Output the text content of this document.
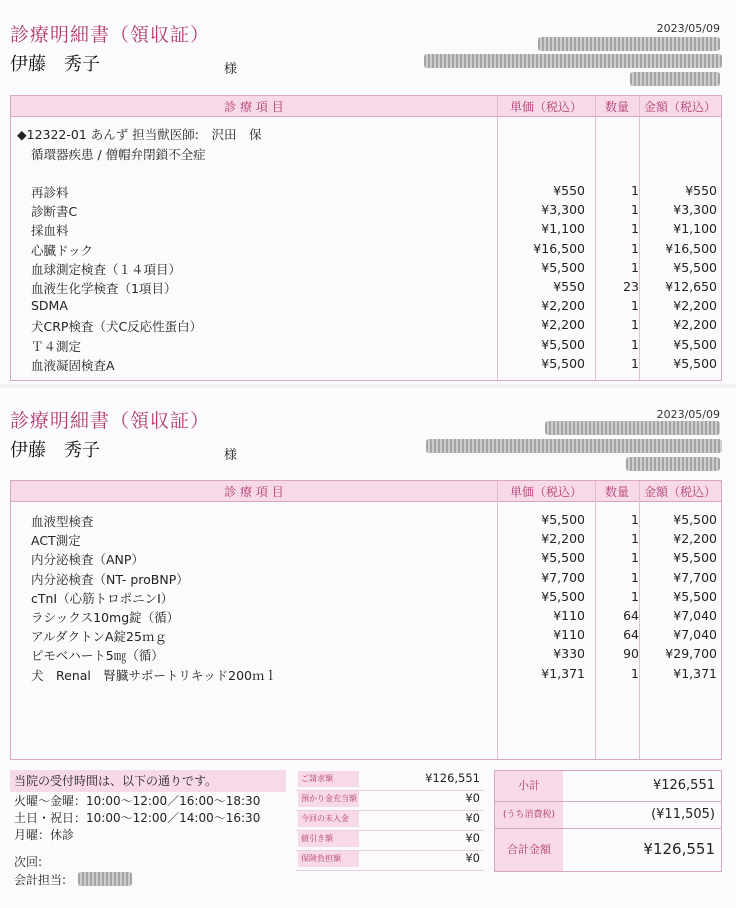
診療明細書（領収証）	2023/05/09
伊藤　秀子	様
診 療 項 目	単価（税込）	数量	金額（税込）
◆12322-01 あんず 担当獣医師:　沢田　保
循環器疾患 / 僧帽弁閉鎖不全症
再診料	¥550	1	¥550
診断書C	¥3,300	1	¥3,300
採血料	¥1,100	1	¥1,100
心臓ドック	¥16,500	1	¥16,500
血球測定検査（１４項目）	¥5,500	1	¥5,500
血液生化学検査（1項目）	¥550	23	¥12,650
SDMA	¥2,200	1	¥2,200
犬CRP検査（犬C反応性蛋白）	¥2,200	1	¥2,200
Ｔ４測定	¥5,500	1	¥5,500
血液凝固検査A	¥5,500	1	¥5,500
診療明細書（領収証）	2023/05/09
伊藤　秀子	様
診 療 項 目	単価（税込）	数量	金額（税込）
血液型検査	¥5,500	1	¥5,500
ACT測定	¥2,200	1	¥2,200
内分泌検査（ANP）	¥5,500	1	¥5,500
内分泌検査（NT- proBNP）	¥7,700	1	¥7,700
cTnI（心筋トロポニンI）	¥5,500	1	¥5,500
ラシックス10mg錠（循）	¥110	64	¥7,040
アルダクトンA錠25ｍｇ	¥110	64	¥7,040
ピモベハート5㎎（循）	¥330	90	¥29,700
犬　Renal　腎臓サポートリキッド200ｍｌ	¥1,371	1	¥1,371
当院の受付時間は、以下の通りです。
火曜～金曜：10:00～12:00／16:00～18:30
土日・祝日：10:00～12:00／14:00～16:30
月曜：休診
次回:
会計担当:
ご請求額	¥126,551
預かり金充当額	¥0
今回の未入金	¥0
値引き額	¥0
保険負担額	¥0
小計	¥126,551
(うち消費税)	(¥11,505)
合計金額	¥126,551
